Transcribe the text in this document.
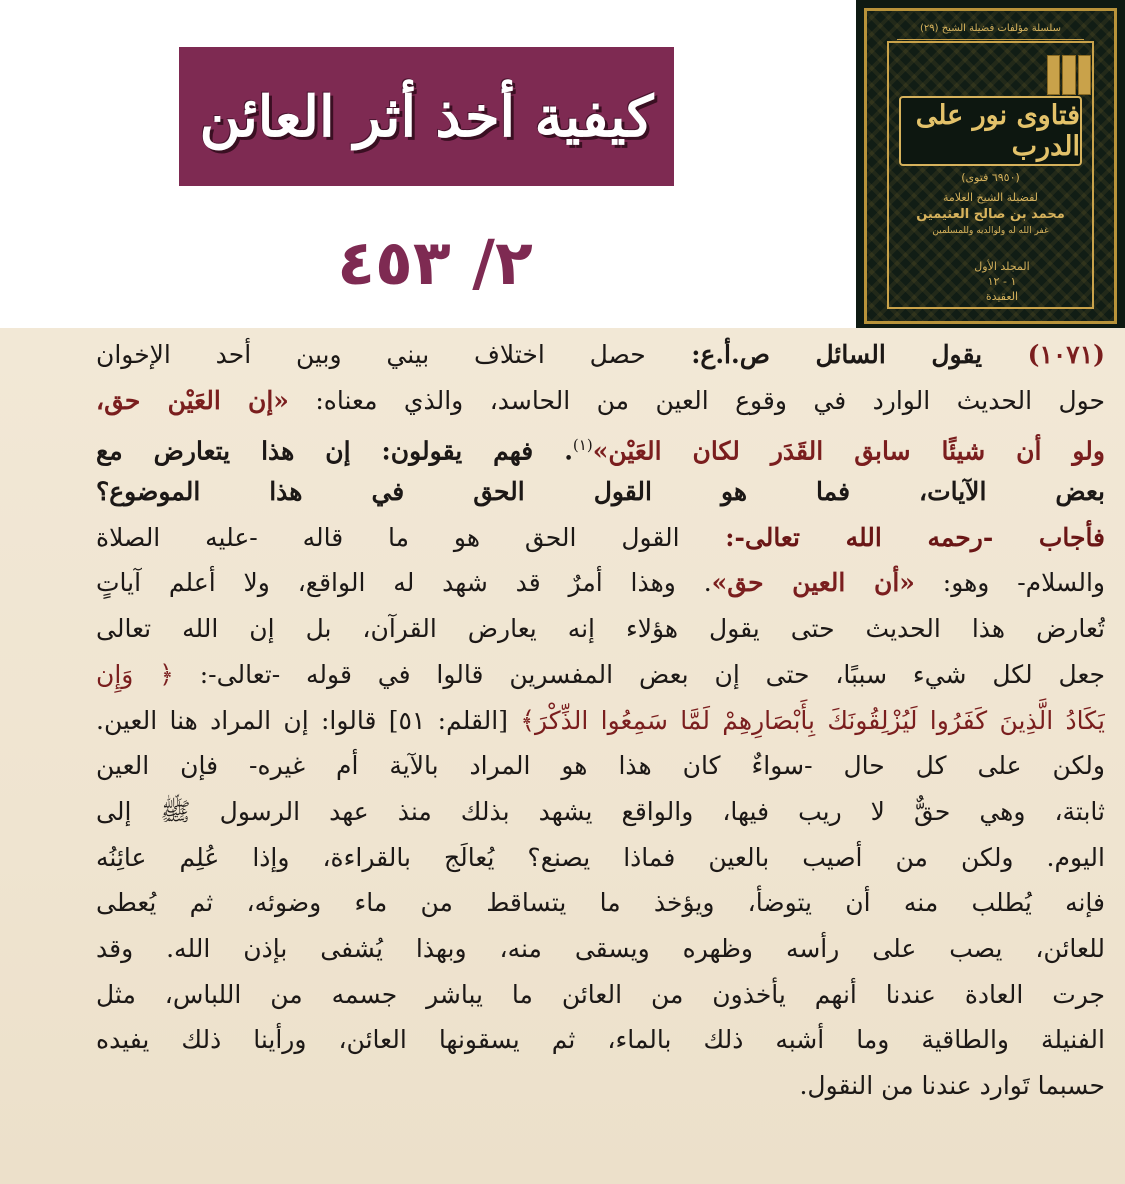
كيفية أخذ أثر العائن
٢/ ٤٥٣
سلسلة مؤلفات فضيلة الشيخ (٢٩)
فتاوى نور على الدرب
(٦٩٥٠ فتوى)
لفضيلة الشيخ العلامة
محمد بن صالح العثيمين
غفر الله له ولوالديه وللمسلمين
المجلد الأول
١ - ١٢
العقيدة
(١٠٧١) يقول السائل ص.أ.ع: حصل اختلاف بيني وبين أحد الإخوان
حول الحديث الوارد في وقوع العين من الحاسد، والذي معناه: «إن العَيْن حق،
ولو أن شيئًا سابق القَدَر لكان العَيْن»$^{(١)}$. فهم يقولون: إن هذا يتعارض مع
بعض الآيات، فما هو القول الحق في هذا الموضوع؟
فأجاب -رحمه الله تعالى-: القول الحق هو ما قاله -عليه الصلاة
والسلام- وهو: «أن العين حق». وهذا أمرٌ قد شهد له الواقع، ولا أعلم آياتٍ
تُعارض هذا الحديث حتى يقول هؤلاء إنه يعارض القرآن، بل إن الله تعالى
جعل لكل شيء سببًا، حتى إن بعض المفسرين قالوا في قوله -تعالى-: ﴿ وَإِن
يَكَادُ الَّذِينَ كَفَرُوا لَيُزْلِقُونَكَ بِأَبْصَارِهِمْ لَمَّا سَمِعُوا الذِّكْرَ﴾ [القلم: ٥١] قالوا: إن المراد هنا العين.
ولكن على كل حال -سواءٌ كان هذا هو المراد بالآية أم غيره- فإن العين
ثابتة، وهي حقٌّ لا ريب فيها، والواقع يشهد بذلك منذ عهد الرسول ﷺ إلى
اليوم. ولكن من أصيب بالعين فماذا يصنع؟ يُعالَج بالقراءة، وإذا عُلِم عائِنُه
فإنه يُطلب منه أن يتوضأ، ويؤخذ ما يتساقط من ماء وضوئه، ثم يُعطى
للعائن، يصب على رأسه وظهره ويسقى منه، وبهذا يُشفى بإذن الله. وقد
جرت العادة عندنا أنهم يأخذون من العائن ما يباشر جسمه من اللباس، مثل
الفنيلة والطاقية وما أشبه ذلك بالماء، ثم يسقونها العائن، ورأينا ذلك يفيده
حسبما تَوارد عندنا من النقول.
